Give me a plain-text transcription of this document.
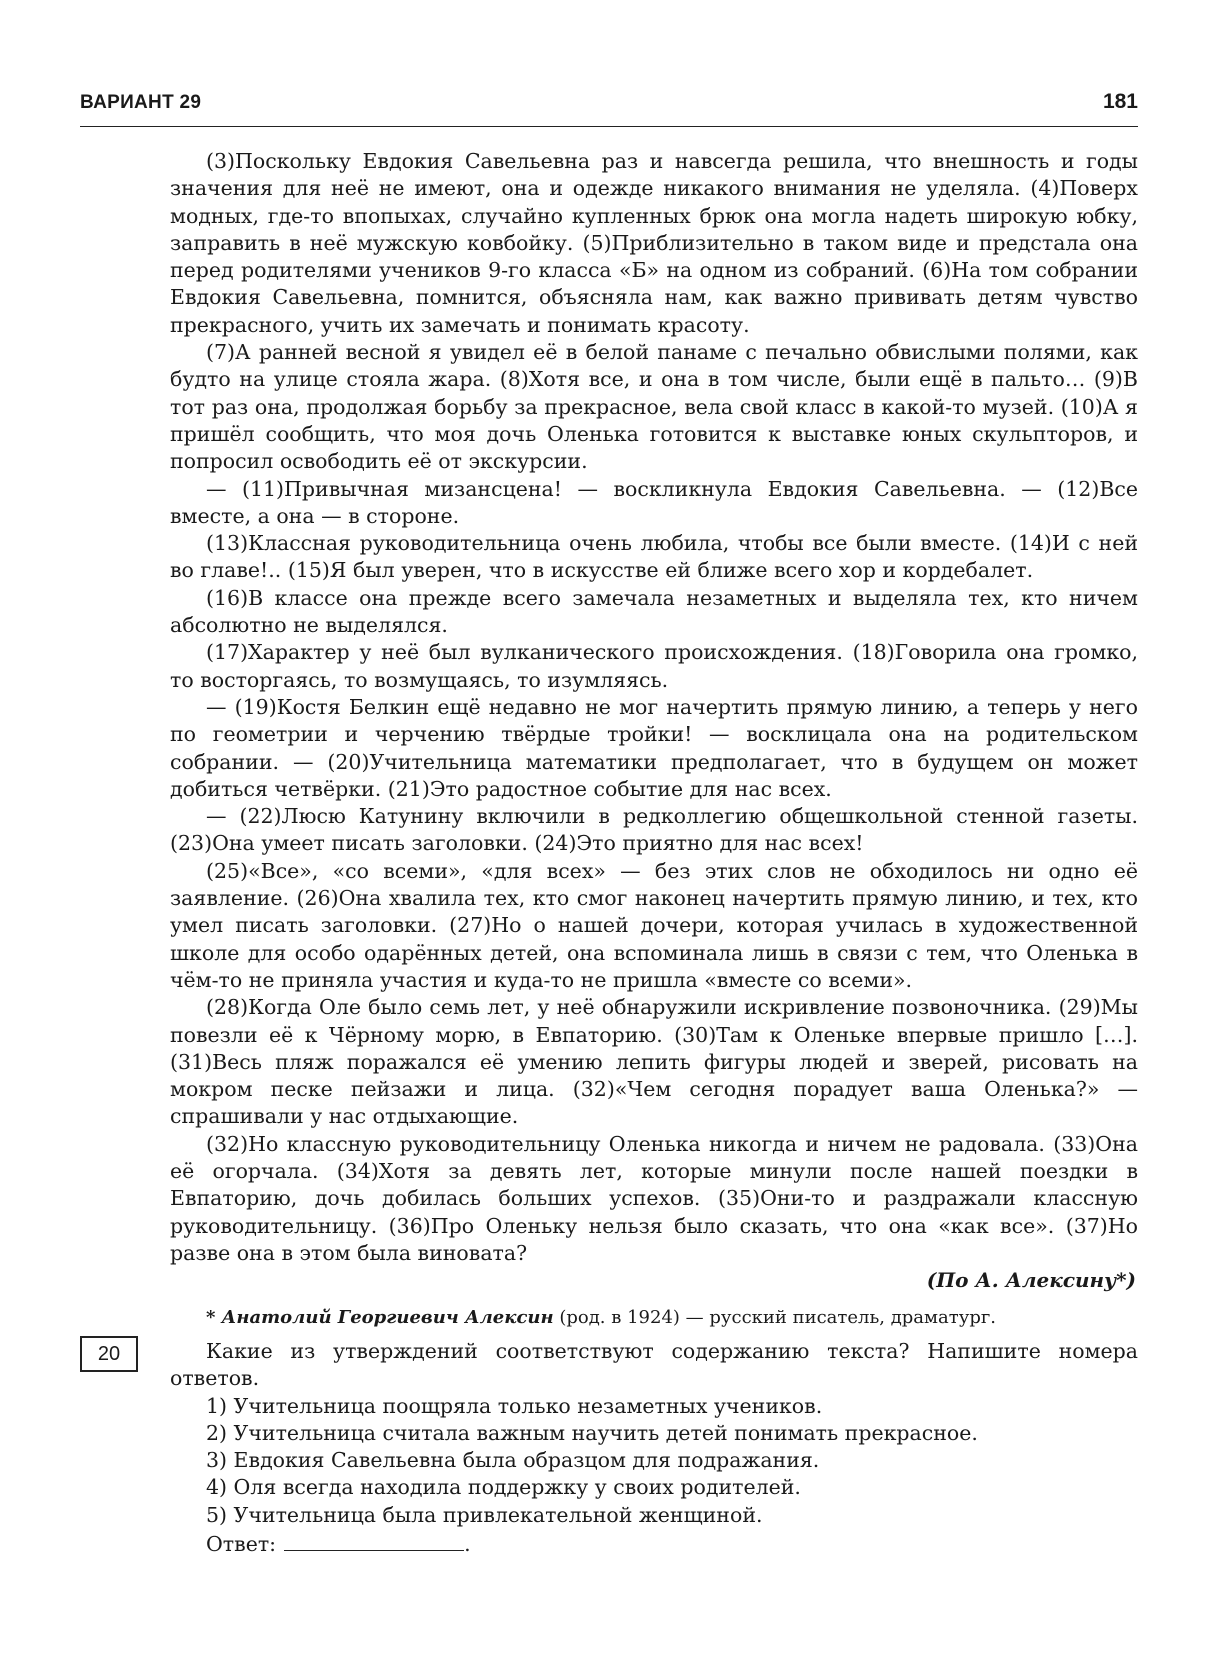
ВАРИАНТ 29	181

(3)Поскольку Евдокия Савельевна раз и навсегда решила, что внешность и годы значения для неё не имеют, она и одежде никакого внимания не уделяла. (4)Поверх модных, где-то впопыхах, случайно купленных брюк она могла надеть широкую юбку, заправить в неё мужскую ковбойку. (5)Приблизительно в таком виде и предстала она перед родителями учеников 9-го класса «Б» на одном из собраний. (6)На том собрании Евдокия Савельевна, помнится, объясняла нам, как важно прививать детям чувство прекрасного, учить их замечать и понимать красоту.

(7)А ранней весной я увидел её в белой панаме с печально обвислыми полями, как будто на улице стояла жара. (8)Хотя все, и она в том числе, были ещё в пальто… (9)В тот раз она, продолжая борьбу за прекрасное, вела свой класс в какой-то музей. (10)А я пришёл сообщить, что моя дочь Оленька готовится к выставке юных скульпторов, и попросил освободить её от экскурсии.

— (11)Привычная мизансцена! — воскликнула Евдокия Савельевна. — (12)Все вместе, а она — в стороне.

(13)Классная руководительница очень любила, чтобы все были вместе. (14)И с ней во главе!.. (15)Я был уверен, что в искусстве ей ближе всего хор и кордебалет.

(16)В классе она прежде всего замечала незаметных и выделяла тех, кто ничем абсолютно не выделялся.

(17)Характер у неё был вулканического происхождения. (18)Говорила она громко, то восторгаясь, то возмущаясь, то изумляясь.

— (19)Костя Белкин ещё недавно не мог начертить прямую линию, а теперь у него по геометрии и черчению твёрдые тройки! — восклицала она на родительском собрании. — (20)Учительница математики предполагает, что в будущем он может добиться четвёрки. (21)Это радостное событие для нас всех.

— (22)Люсю Катунину включили в редколлегию общешкольной стенной газеты. (23)Она умеет писать заголовки. (24)Это приятно для нас всех!

(25)«Все», «со всеми», «для всех» — без этих слов не обходилось ни одно её заявление. (26)Она хвалила тех, кто смог наконец начертить прямую линию, и тех, кто умел писать заголовки. (27)Но о нашей дочери, которая училась в художественной школе для особо одарённых детей, она вспоминала лишь в связи с тем, что Оленька в чём-то не приняла участия и куда-то не пришла «вместе со всеми».

(28)Когда Оле было семь лет, у неё обнаружили искривление позвоночника. (29)Мы повезли её к Чёрному морю, в Евпаторию. (30)Там к Оленьке впервые пришло […]. (31)Весь пляж поражался её умению лепить фигуры людей и зверей, рисовать на мокром песке пейзажи и лица. (32)«Чем сегодня порадует ваша Оленька?» — спрашивали у нас отдыхающие.

(32)Но классную руководительницу Оленька никогда и ничем не радовала. (33)Она её огорчала. (34)Хотя за девять лет, которые минули после нашей поездки в Евпаторию, дочь добилась больших успехов. (35)Они-то и раздражали классную руководительницу. (36)Про Оленьку нельзя было сказать, что она «как все». (37)Но разве она в этом была виновата?

(По А. Алексину*)
* Анатолий Георгиевич Алексин (род. в 1924) — русский писатель, драматург.
20	Какие из утверждений соответствуют содержанию текста? Напишите номера ответов.

1) Учительница поощряла только незаметных учеников.
2) Учительница считала важным научить детей понимать прекрасное.
3) Евдокия Савельевна была образцом для подражания.
4) Оля всегда находила поддержку у своих родителей.
5) Учительница была привлекательной женщиной.
Ответ:	.
